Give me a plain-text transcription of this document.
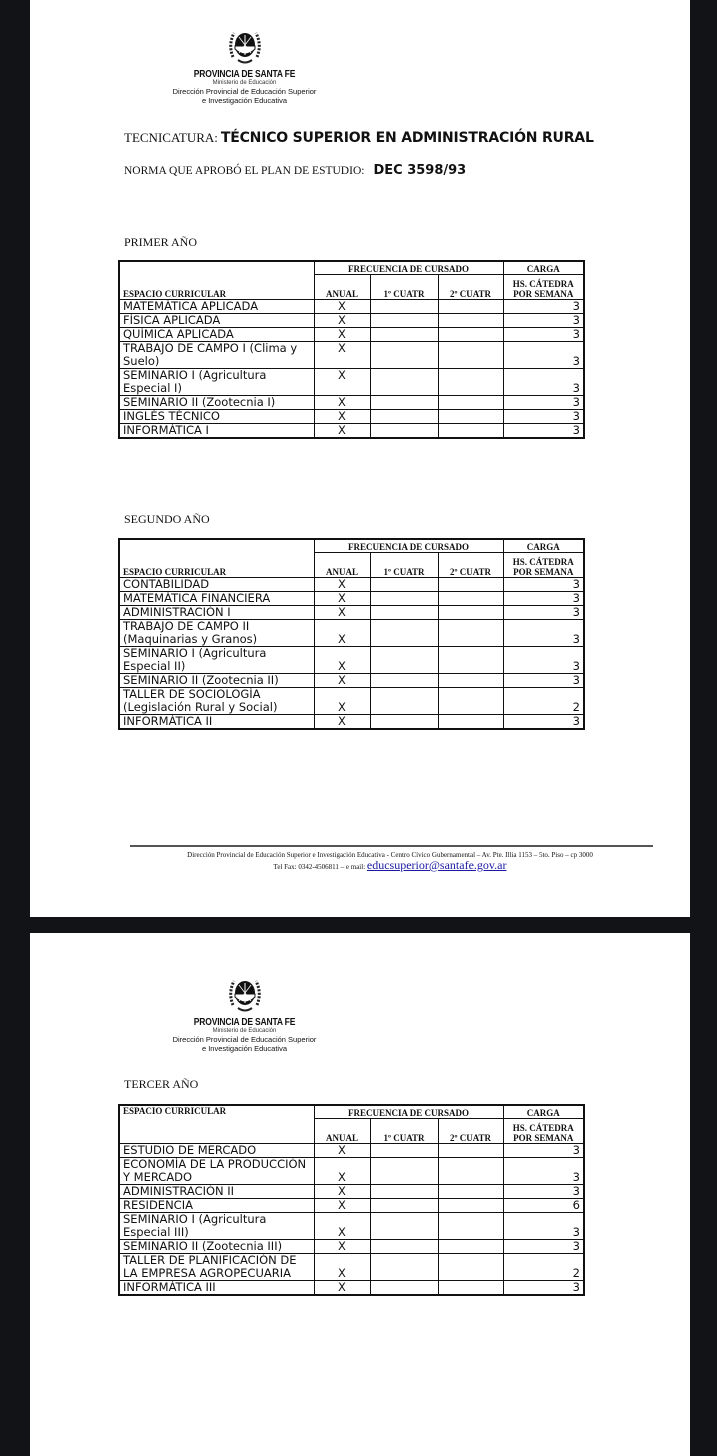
PROVINCIA DE SANTA FE
Ministerio de Educación
Dirección Provincial de Educación Superior
e Investigación Educativa
TECNICATURA: TÉCNICO SUPERIOR EN ADMINISTRACIÓN RURAL
NORMA QUE APROBÓ EL PLAN DE ESTUDIO: DEC 3598/93
PRIMER AÑO
ESPACIO CURRICULAR	FRECUENCIA DE CURSADO			CARGA
	ANUAL	1º CUATR	2º CUATR	HS. CÁTEDRA
POR SEMANA

MATEMÁTICA APLICADA	X			3
FÍSICA APLICADA	X			3
QUÍMICA APLICADA	X			3
TRABAJO DE CAMPO I (Clima y Suelo)	X			3
SEMINARIO I (Agricultura Especial I)	X			3
SEMINARIO II (Zootecnia I)	X			3
INGLÉS TÉCNICO	X			3
INFORMÁTICA I	X			3
SEGUNDO AÑO
ESPACIO CURRICULAR	FRECUENCIA DE CURSADO			CARGA
	ANUAL	1º CUATR	2º CUATR	HS. CÁTEDRA
POR SEMANA

CONTABILIDAD	X			3
MATEMÁTICA FINANCIERA	X			3
ADMINISTRACIÓN I	X			3
TRABAJO DE CAMPO II (Maquinarias y Granos)	X			3
SEMINARIO I (Agricultura Especial II)	X			3
SEMINARIO II (Zootecnia II)	X			3
TALLER DE SOCIOLOGÍA (Legislación Rural y Social)	X			2
INFORMÁTICA II	X			3
Dirección Provincial de Educación Superior e Investigación Educativa - Centro Cívico Gubernamental – Av. Pte. Illia 1153 – 5to. Piso – cp 3000
Tel Fax: 0342-4506811 – e mail: educsuperior@santafe.gov.ar
PROVINCIA DE SANTA FE
Ministerio de Educación
Dirección Provincial de Educación Superior
e Investigación Educativa
TERCER AÑO
ESPACIO CURRICULAR	FRECUENCIA DE CURSADO			CARGA
	ANUAL	1º CUATR	2º CUATR	HS. CÁTEDRA
POR SEMANA

ESTUDIO DE MERCADO	X			3
ECONOMÍA DE LA PRODUCCIÓN Y MERCADO	X			3
ADMINISTRACIÓN II	X			3
RESIDENCIA	X			6
SEMINARIO I (Agricultura Especial III)	X			3
SEMINARIO II (Zootecnia III)	X			3
TALLER DE PLANIFICACIÓN DE LA EMPRESA AGROPECUARIA	X			2
INFORMÁTICA III	X			3
